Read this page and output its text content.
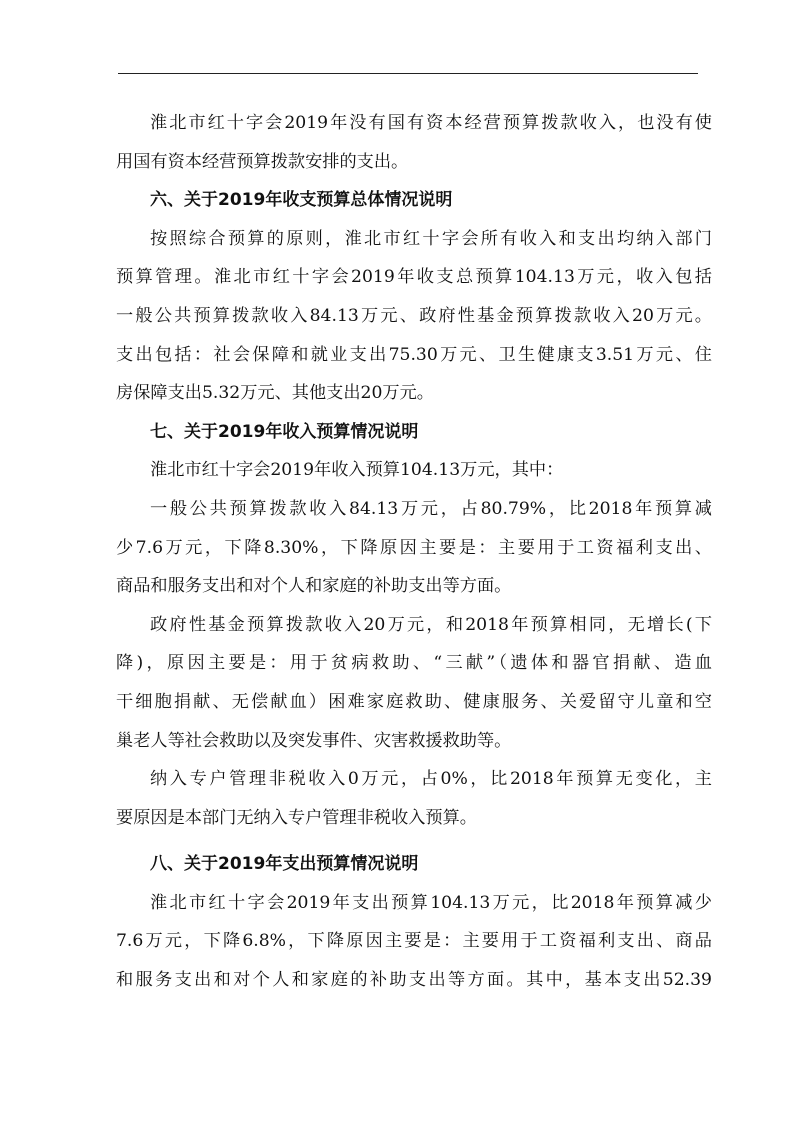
淮北市红十字会2019年没有国有资本经营预算拨款收入，也没有使
用国有资本经营预算拨款安排的支出。
六、关于2019年收支预算总体情况说明
按照综合预算的原则，淮北市红十字会所有收入和支出均纳入部门
预算管理。淮北市红十字会2019年收支总预算104.13万元，收入包括
一般公共预算拨款收入84.13万元、政府性基金预算拨款收入20万元。
支出包括：社会保障和就业支出75.30万元、卫生健康支3.51万元、住
房保障支出5.32万元、其他支出20万元。
七、关于2019年收入预算情况说明
淮北市红十字会2019年收入预算104.13万元，其中：
一般公共预算拨款收入84.13万元，占80.79%，比2018年预算减
少7.6万元，下降8.30%，下降原因主要是：主要用于工资福利支出、
商品和服务支出和对个人和家庭的补助支出等方面。
政府性基金预算拨款收入20万元，和2018年预算相同，无增长(下
降)，原因主要是：用于贫病救助、“三献”（遗体和器官捐献、造血
干细胞捐献、无偿献血）困难家庭救助、健康服务、关爱留守儿童和空
巢老人等社会救助以及突发事件、灾害救援救助等。
纳入专户管理非税收入0万元，占0%，比2018年预算无变化，主
要原因是本部门无纳入专户管理非税收入预算。
八、关于2019年支出预算情况说明
淮北市红十字会2019年支出预算104.13万元，比2018年预算减少
7.6万元，下降6.8%，下降原因主要是：主要用于工资福利支出、商品
和服务支出和对个人和家庭的补助支出等方面。其中，基本支出52.39
